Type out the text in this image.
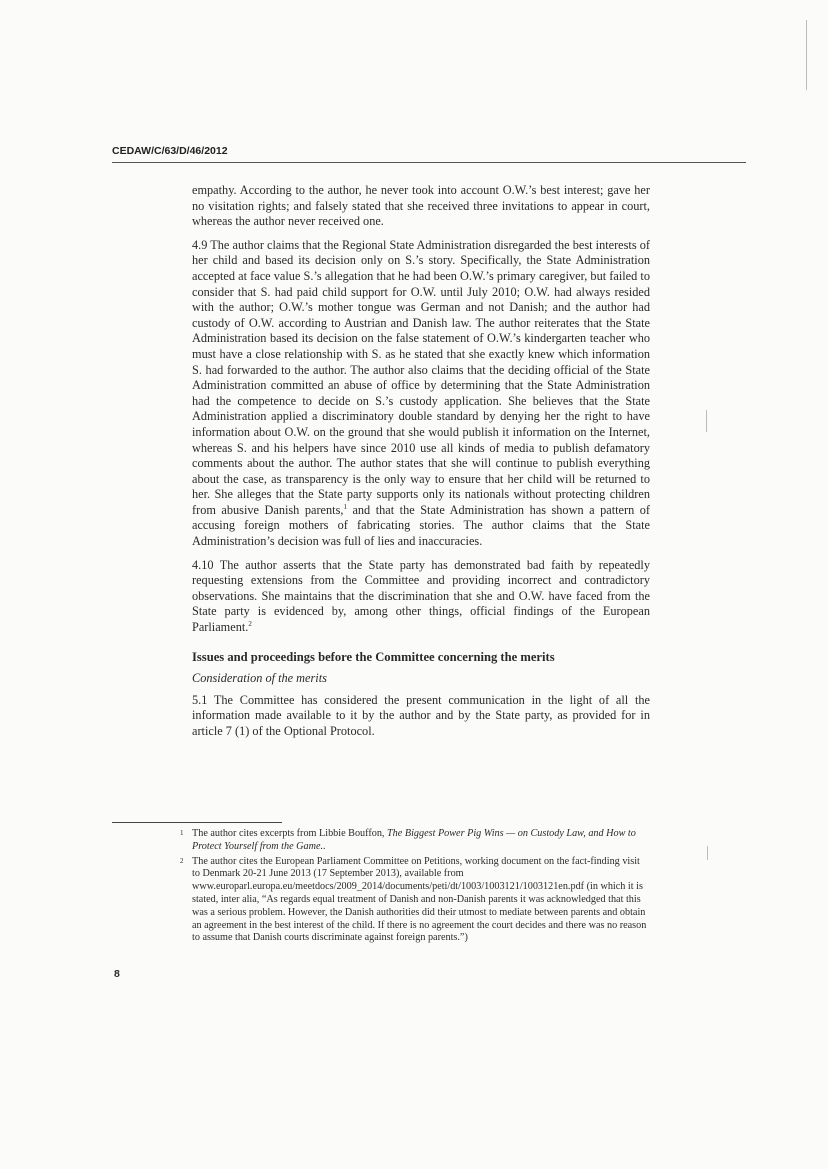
CEDAW/C/63/D/46/2012

empathy. According to the author, he never took into account O.W.’s best interest; gave her no visitation rights; and falsely stated that she received three invitations to appear in court, whereas the author never received one.

4.9 The author claims that the Regional State Administration disregarded the best interests of her child and based its decision only on S.’s story. Specifically, the State Administration accepted at face value S.’s allegation that he had been O.W.’s primary caregiver, but failed to consider that S. had paid child support for O.W. until July 2010; O.W. had always resided with the author; O.W.’s mother tongue was German and not Danish; and the author had custody of O.W. according to Austrian and Danish law. The author reiterates that the State Administration based its decision on the false statement of O.W.’s kindergarten teacher who must have a close relationship with S. as he stated that she exactly knew which information S. had forwarded to the author. The author also claims that the deciding official of the State Administration committed an abuse of office by determining that the State Administration had the competence to decide on S.’s custody application. She believes that the State Administration applied a discriminatory double standard by denying her the right to have information about O.W. on the ground that she would publish it information on the Internet, whereas S. and his helpers have since 2010 use all kinds of media to publish defamatory comments about the author. The author states that she will continue to publish everything about the case, as transparency is the only way to ensure that her child will be returned to her. She alleges that the State party supports only its nationals without protecting children from abusive Danish parents,$^1$ and that the State Administration has shown a pattern of accusing foreign mothers of fabricating stories. The author claims that the State Administration’s decision was full of lies and inaccuracies.

4.10 The author asserts that the State party has demonstrated bad faith by repeatedly requesting extensions from the Committee and providing incorrect and contradictory observations. She maintains that the discrimination that she and O.W. have faced from the State party is evidenced by, among other things, official findings of the European Parliament.$^2$

Issues and proceedings before the Committee concerning the merits
Consideration of the merits

5.1 The Committee has considered the present communication in the light of all the information made available to it by the author and by the State party, as provided for in article 7 (1) of the Optional Protocol.

1 The author cites excerpts from Libbie Bouffon, The Biggest Power Pig Wins — on Custody Law, and How to Protect Yourself from the Game..
2 The author cites the European Parliament Committee on Petitions, working document on the fact-finding visit to Denmark 20-21 June 2013 (17 September 2013), available from www.europarl.europa.eu/meetdocs/2009_2014/documents/peti/dt/1003/1003121/1003121en.pdf (in which it is stated, inter alia, “As regards equal treatment of Danish and non-Danish parents it was acknowledged that this was a serious problem. However, the Danish authorities did their utmost to mediate between parents and obtain an agreement in the best interest of the child. If there is no agreement the court decides and there was no reason to assume that Danish courts discriminate against foreign parents.”)
8
